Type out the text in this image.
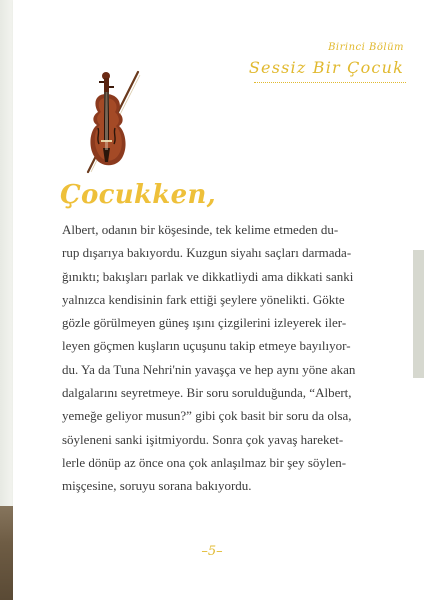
Birinci Bölüm
Sessiz Bir Çocuk
Çocukken,
Albert, odanın bir köşesinde, tek kelime etmeden du-
rup dışarıya bakıyordu. Kuzgun siyahı saçları darmada-
ğınıktı; bakışları parlak ve dikkatliydi ama dikkati sanki
yalnızca kendisinin fark ettiği şeylere yönelikti. Gökte
gözle görülmeyen güneş ışını çizgilerini izleyerek iler-
leyen göçmen kuşların uçuşunu takip etmeye bayılıyor-
du. Ya da Tuna Nehri'nin yavaşça ve hep aynı yöne akan
dalgalarını seyretmeye. Bir soru sorulduğunda, “Albert,
yemeğe geliyor musun?” gibi çok basit bir soru da olsa,
söyleneni sanki işitmiyordu. Sonra çok yavaş hareket-
lerle dönüp az önce ona çok anlaşılmaz bir şey söylen-
mişçesine, soruyu sorana bakıyordu.
–5–
